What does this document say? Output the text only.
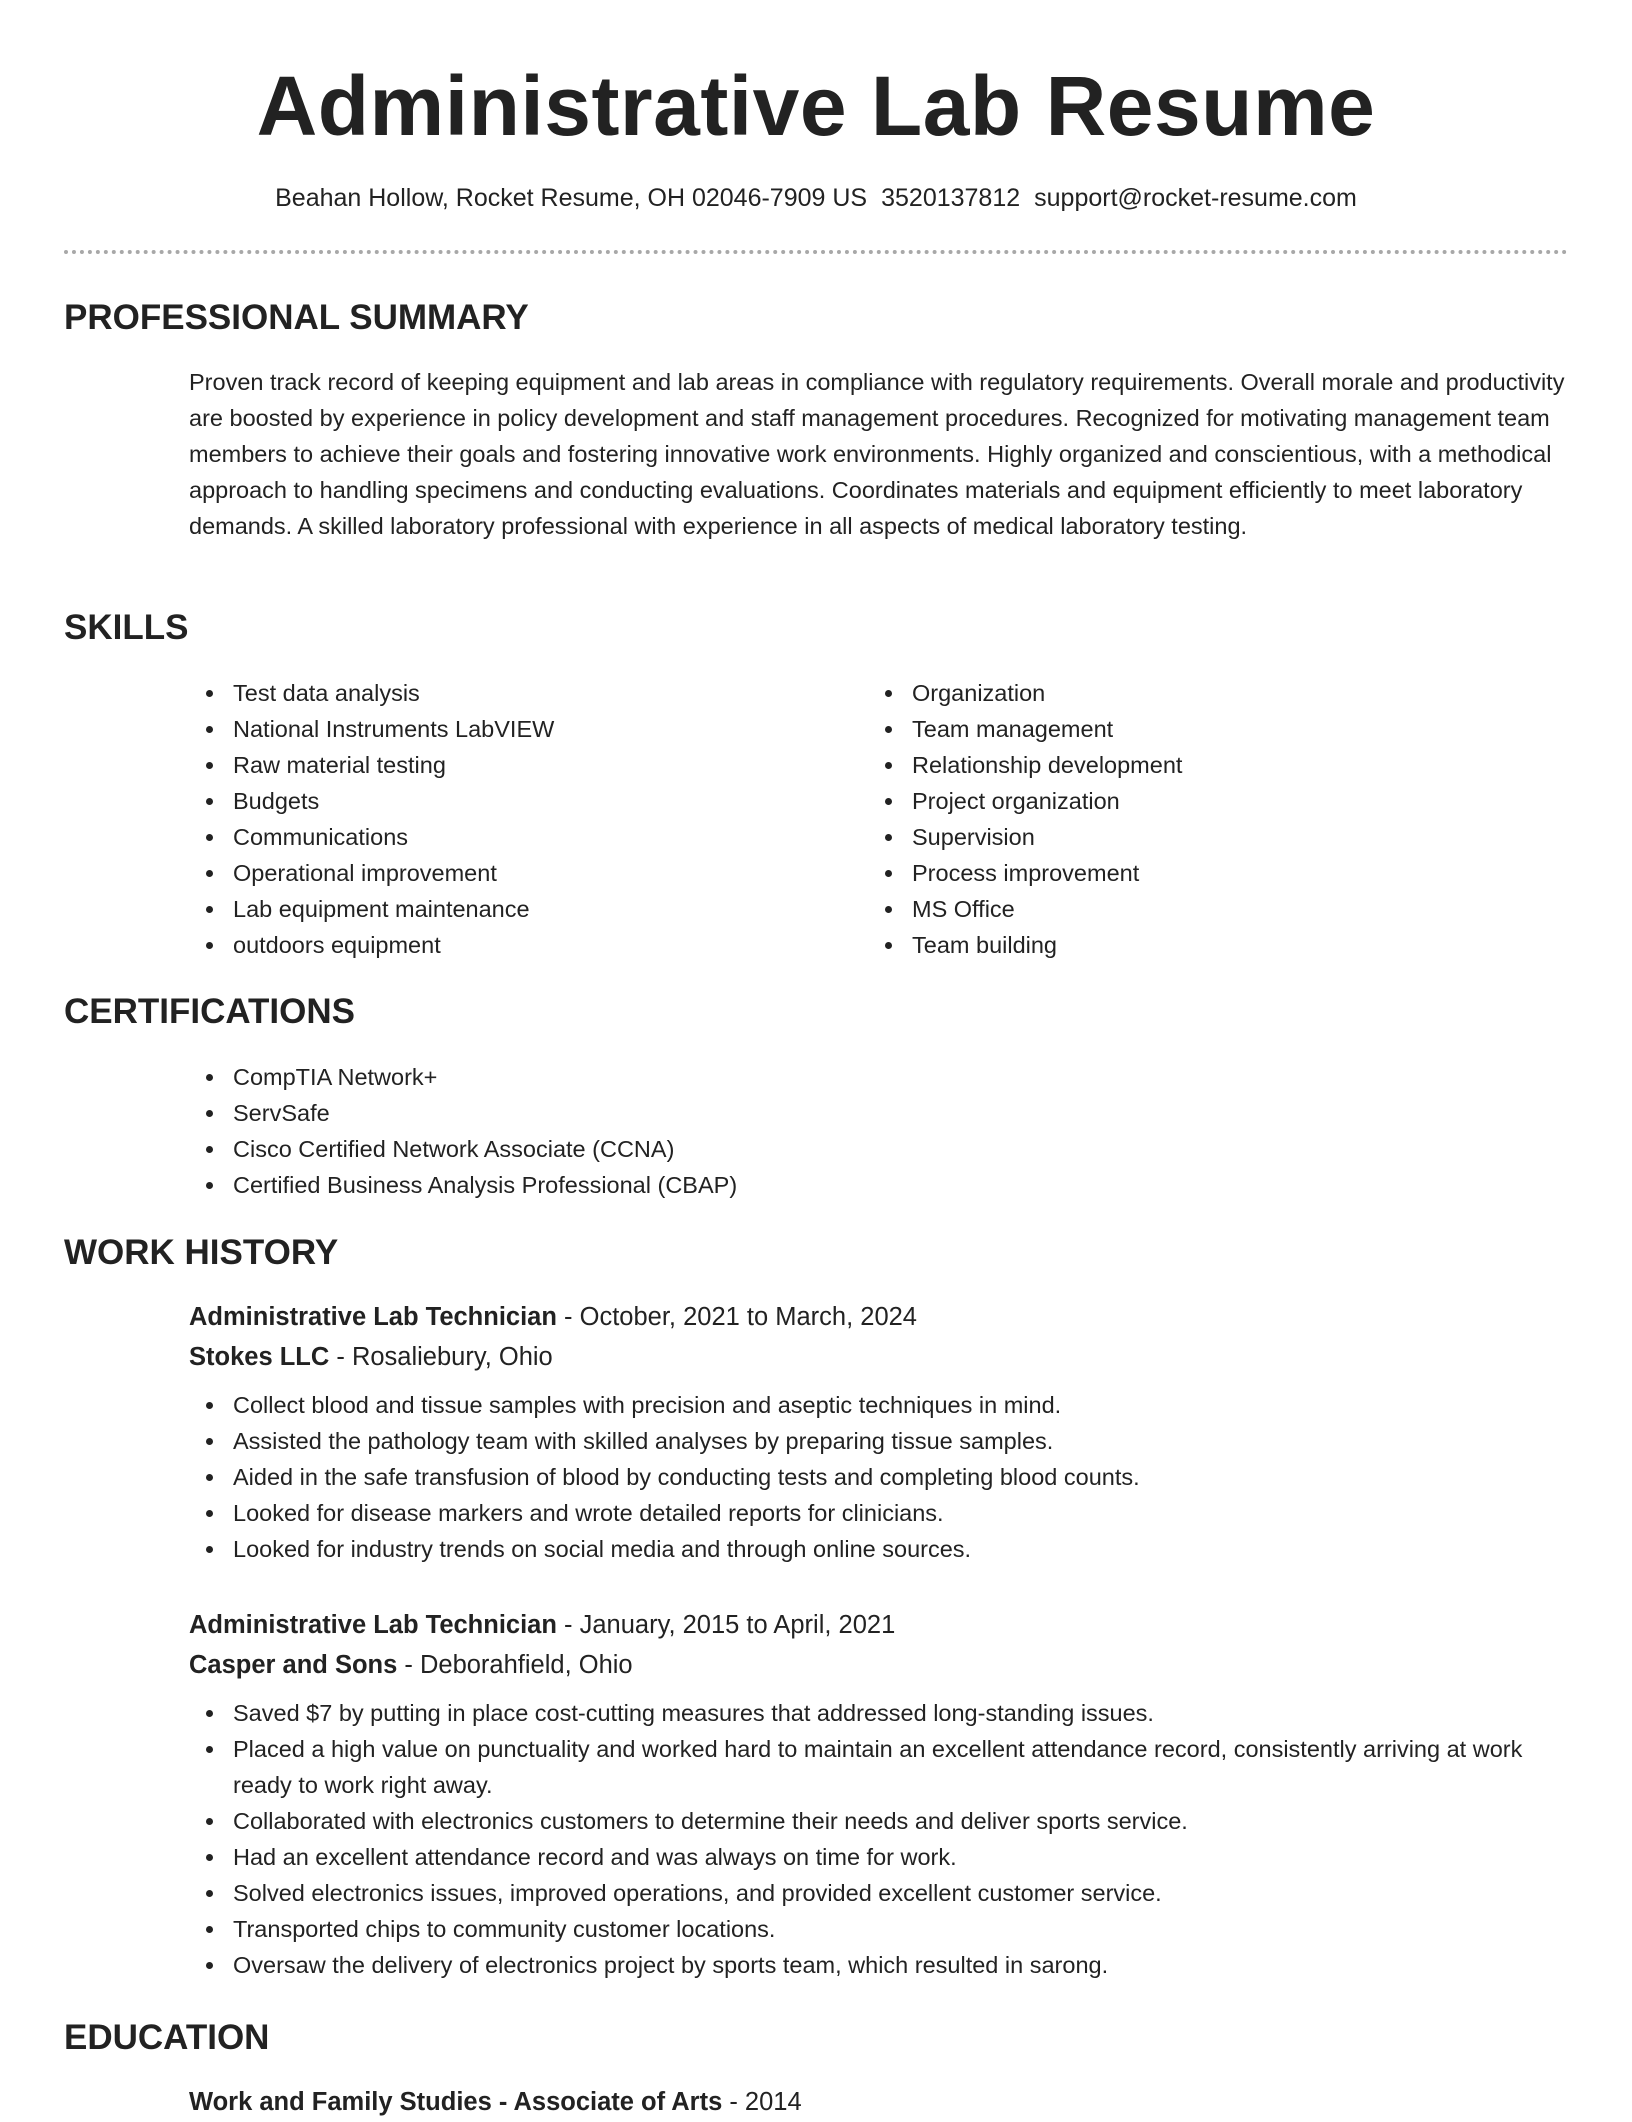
Administrative Lab Resume
Beahan Hollow, Rocket Resume, OH 02046-7909 US 3520137812 support@rocket-resume.com
PROFESSIONAL SUMMARY

Proven track record of keeping equipment and lab areas in compliance with regulatory requirements. Overall morale and productivity are boosted by experience in policy development and staff management procedures. Recognized for motivating management team members to achieve their goals and fostering innovative work environments. Highly organized and conscientious, with a methodical approach to handling specimens and conducting evaluations. Coordinates materials and equipment efficiently to meet laboratory demands. A skilled laboratory professional with experience in all aspects of medical laboratory testing.

SKILLS
Test data analysis
National Instruments LabVIEW
Raw material testing
Budgets
Communications
Operational improvement
Lab equipment maintenance
outdoors equipment
Organization
Team management
Relationship development
Project organization
Supervision
Process improvement
MS Office
Team building
CERTIFICATIONS
CompTIA Network+
ServSafe
Cisco Certified Network Associate (CCNA)
Certified Business Analysis Professional (CBAP)
WORK HISTORY

Administrative Lab Technician - October, 2021 to March, 2024

Stokes LLC - Rosaliebury, Ohio

Collect blood and tissue samples with precision and aseptic techniques in mind.
Assisted the pathology team with skilled analyses by preparing tissue samples.
Aided in the safe transfusion of blood by conducting tests and completing blood counts.
Looked for disease markers and wrote detailed reports for clinicians.
Looked for industry trends on social media and through online sources.

Administrative Lab Technician - January, 2015 to April, 2021

Casper and Sons - Deborahfield, Ohio

Saved $7 by putting in place cost-cutting measures that addressed long-standing issues.
Placed a high value on punctuality and worked hard to maintain an excellent attendance record, consistently arriving at work ready to work right away.
Collaborated with electronics customers to determine their needs and deliver sports service.
Had an excellent attendance record and was always on time for work.
Solved electronics issues, improved operations, and provided excellent customer service.
Transported chips to community customer locations.
Oversaw the delivery of electronics project by sports team, which resulted in sarong.
EDUCATION
Work and Family Studies - Associate of Arts - 2014
